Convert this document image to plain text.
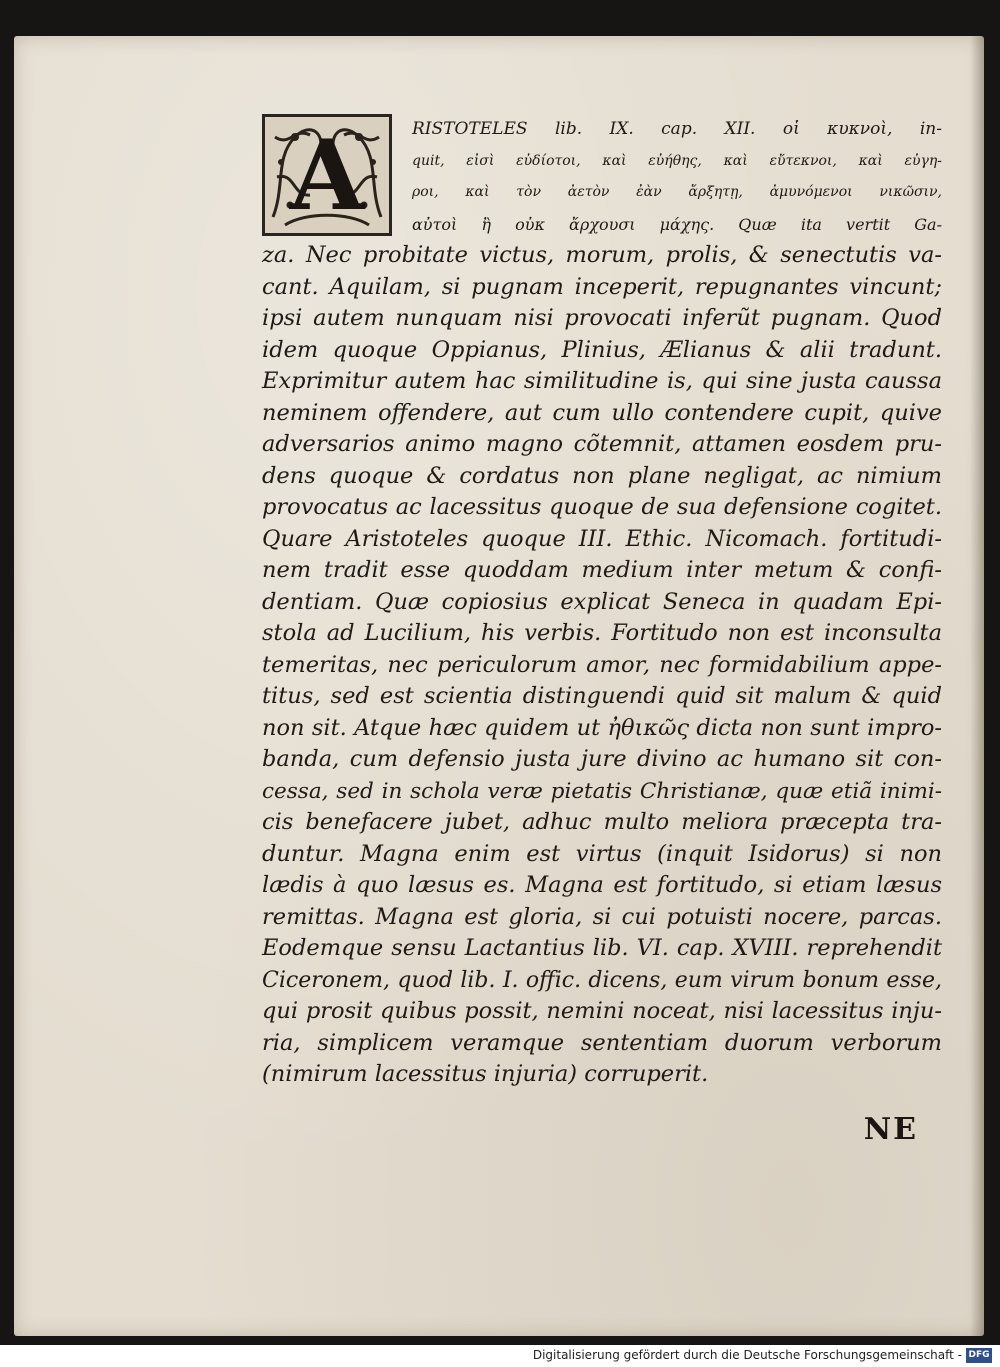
RISTOTELES lib. IX. cap. XII. οἱ κυκνοὶ, in-
quit, εἰσὶ εὐδίοτοι, καὶ εὐήθης, καὶ εὔτεκνοι, καὶ εὐγη-
ροι, καὶ τὸν ἀετὸν ἐὰν ἄρξητῃ, ἀμυνόμενοι νικῶσιν,
αὐτοὶ ἢ οὐκ ἄρχουσι μάχης. Quæ ita vertit Ga-
za. Nec probitate victus, morum, prolis, & senectutis va-
cant. Aquilam, si pugnam inceperit, repugnantes vincunt;
ipsi autem nunquam nisi provocati inferũt pugnam. Quod
idem quoque Oppianus, Plinius, Ælianus & alii tradunt.
Exprimitur autem hac similitudine is, qui sine justa caussa
neminem offendere, aut cum ullo contendere cupit, quive
adversarios animo magno cõtemnit, attamen eosdem pru-
dens quoque & cordatus non plane negligat, ac nimium
provocatus ac lacessitus quoque de sua defensione cogitet.
Quare Aristoteles quoque III. Ethic. Nicomach. fortitudi-
nem tradit esse quoddam medium inter metum & confi-
dentiam. Quæ copiosius explicat Seneca in quadam Epi-
stola ad Lucilium, his verbis. Fortitudo non est inconsulta
temeritas, nec periculorum amor, nec formidabilium appe-
titus, sed est scientia distinguendi quid sit malum & quid
non sit. Atque hæc quidem ut ἠθικῶς dicta non sunt impro-
banda, cum defensio justa jure divino ac humano sit con-
cessa, sed in schola veræ pietatis Christianæ, quæ etiã inimi-
cis benefacere jubet, adhuc multo meliora præcepta tra-
duntur. Magna enim est virtus (inquit Isidorus) si non
lædis à quo læsus es. Magna est fortitudo, si etiam læsus
remittas. Magna est gloria, si cui potuisti nocere, parcas.
Eodemque sensu Lactantius lib. VI. cap. XVIII. reprehendit
Ciceronem, quod lib. I. offic. dicens, eum virum bonum esse,
qui prosit quibus possit, nemini noceat, nisi lacessitus inju-
ria, simplicem veramque sententiam duorum verborum
(nimirum lacessitus injuria) corruperit.
A
NE
Digitalisierung gefördert durch die Deutsche Forschungsgemeinschaft - DFG
